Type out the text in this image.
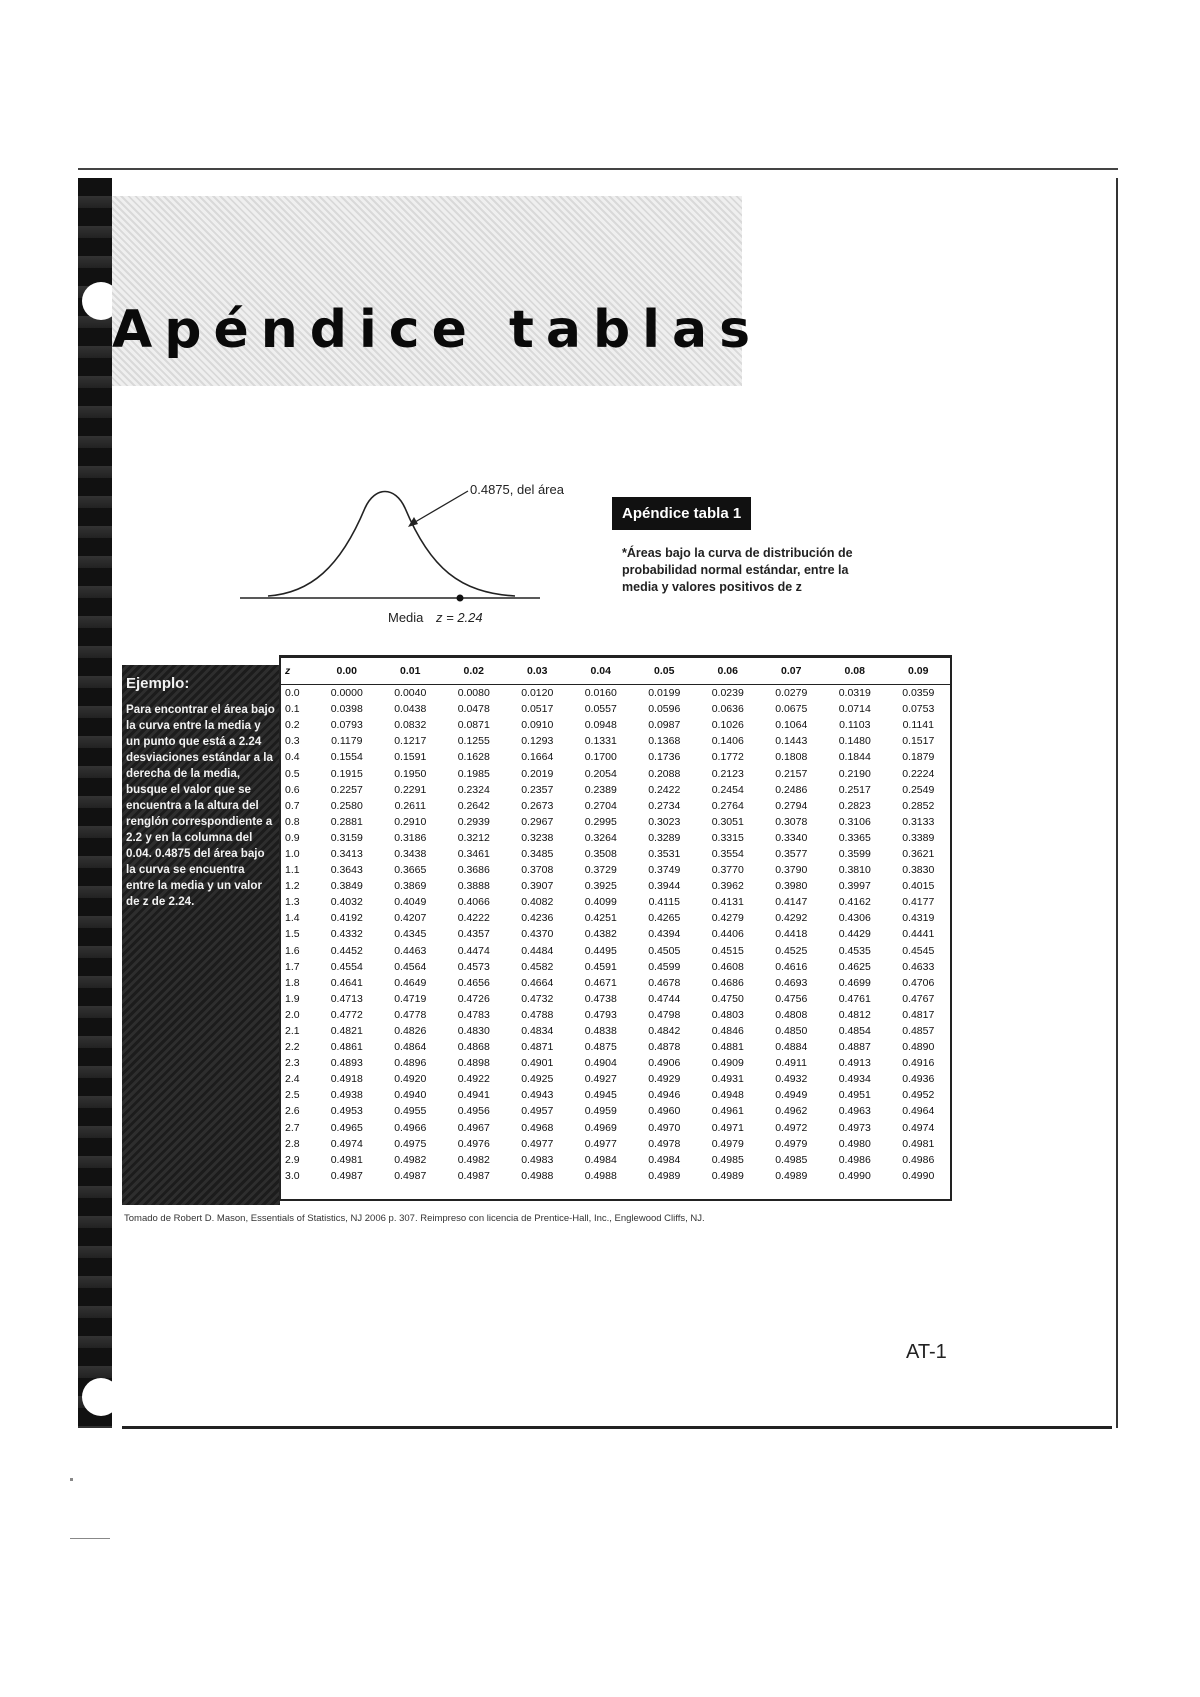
Apéndice tablas
0.4875, del área
Media z = 2.24
Apéndice tabla 1
*Áreas bajo la curva de distribución de probabilidad normal estándar, entre la media y valores positivos de z
Ejemplo:
Para encontrar el área bajo la curva entre la media y un punto que está a 2.24 desviaciones estándar a la derecha de la media, busque el valor que se encuentra a la altura del renglón correspondiente a 2.2 y en la columna del 0.04. 0.4875 del área bajo la curva se encuentra entre la media y un valor de z de 2.24.
z	0.00	0.01	0.02	0.03	0.04	0.05	0.06	0.07	0.08	0.09
0.0	0.0000	0.0040	0.0080	0.0120	0.0160	0.0199	0.0239	0.0279	0.0319	0.0359
0.1	0.0398	0.0438	0.0478	0.0517	0.0557	0.0596	0.0636	0.0675	0.0714	0.0753
0.2	0.0793	0.0832	0.0871	0.0910	0.0948	0.0987	0.1026	0.1064	0.1103	0.1141
0.3	0.1179	0.1217	0.1255	0.1293	0.1331	0.1368	0.1406	0.1443	0.1480	0.1517
0.4	0.1554	0.1591	0.1628	0.1664	0.1700	0.1736	0.1772	0.1808	0.1844	0.1879
0.5	0.1915	0.1950	0.1985	0.2019	0.2054	0.2088	0.2123	0.2157	0.2190	0.2224
0.6	0.2257	0.2291	0.2324	0.2357	0.2389	0.2422	0.2454	0.2486	0.2517	0.2549
0.7	0.2580	0.2611	0.2642	0.2673	0.2704	0.2734	0.2764	0.2794	0.2823	0.2852
0.8	0.2881	0.2910	0.2939	0.2967	0.2995	0.3023	0.3051	0.3078	0.3106	0.3133
0.9	0.3159	0.3186	0.3212	0.3238	0.3264	0.3289	0.3315	0.3340	0.3365	0.3389
1.0	0.3413	0.3438	0.3461	0.3485	0.3508	0.3531	0.3554	0.3577	0.3599	0.3621
1.1	0.3643	0.3665	0.3686	0.3708	0.3729	0.3749	0.3770	0.3790	0.3810	0.3830
1.2	0.3849	0.3869	0.3888	0.3907	0.3925	0.3944	0.3962	0.3980	0.3997	0.4015
1.3	0.4032	0.4049	0.4066	0.4082	0.4099	0.4115	0.4131	0.4147	0.4162	0.4177
1.4	0.4192	0.4207	0.4222	0.4236	0.4251	0.4265	0.4279	0.4292	0.4306	0.4319
1.5	0.4332	0.4345	0.4357	0.4370	0.4382	0.4394	0.4406	0.4418	0.4429	0.4441
1.6	0.4452	0.4463	0.4474	0.4484	0.4495	0.4505	0.4515	0.4525	0.4535	0.4545
1.7	0.4554	0.4564	0.4573	0.4582	0.4591	0.4599	0.4608	0.4616	0.4625	0.4633
1.8	0.4641	0.4649	0.4656	0.4664	0.4671	0.4678	0.4686	0.4693	0.4699	0.4706
1.9	0.4713	0.4719	0.4726	0.4732	0.4738	0.4744	0.4750	0.4756	0.4761	0.4767
2.0	0.4772	0.4778	0.4783	0.4788	0.4793	0.4798	0.4803	0.4808	0.4812	0.4817
2.1	0.4821	0.4826	0.4830	0.4834	0.4838	0.4842	0.4846	0.4850	0.4854	0.4857
2.2	0.4861	0.4864	0.4868	0.4871	0.4875	0.4878	0.4881	0.4884	0.4887	0.4890
2.3	0.4893	0.4896	0.4898	0.4901	0.4904	0.4906	0.4909	0.4911	0.4913	0.4916
2.4	0.4918	0.4920	0.4922	0.4925	0.4927	0.4929	0.4931	0.4932	0.4934	0.4936
2.5	0.4938	0.4940	0.4941	0.4943	0.4945	0.4946	0.4948	0.4949	0.4951	0.4952
2.6	0.4953	0.4955	0.4956	0.4957	0.4959	0.4960	0.4961	0.4962	0.4963	0.4964
2.7	0.4965	0.4966	0.4967	0.4968	0.4969	0.4970	0.4971	0.4972	0.4973	0.4974
2.8	0.4974	0.4975	0.4976	0.4977	0.4977	0.4978	0.4979	0.4979	0.4980	0.4981
2.9	0.4981	0.4982	0.4982	0.4983	0.4984	0.4984	0.4985	0.4985	0.4986	0.4986
3.0	0.4987	0.4987	0.4987	0.4988	0.4988	0.4989	0.4989	0.4989	0.4990	0.4990
Tomado de Robert D. Mason, Essentials of Statistics, NJ 2006 p. 307. Reimpreso con licencia de Prentice-Hall, Inc., Englewood Cliffs, NJ.
AT-1
